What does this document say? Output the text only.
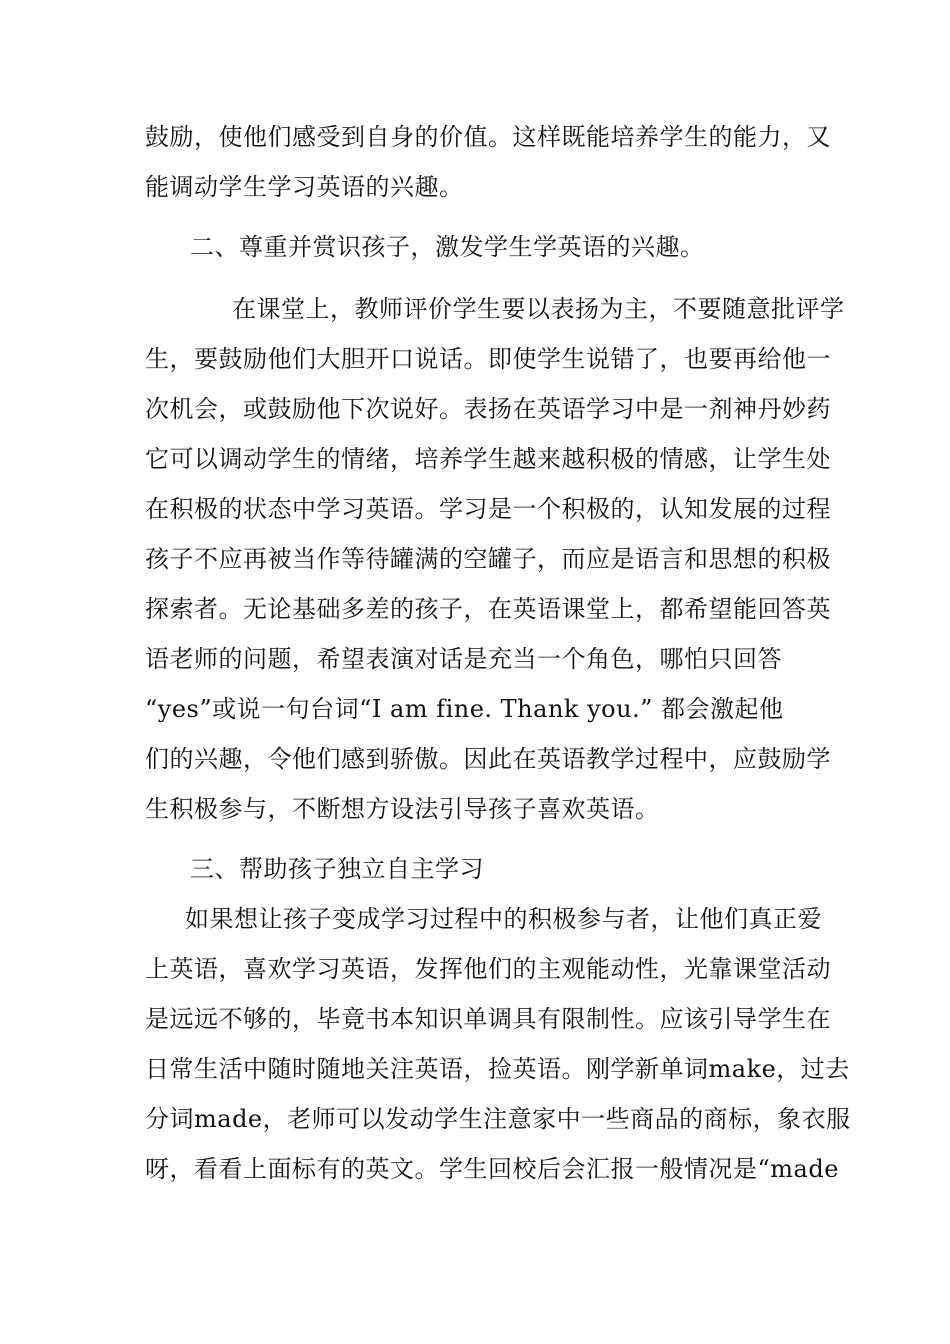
鼓励，使他们感受到自身的价值。这样既能培养学生的能力，又
能调动学生学习英语的兴趣。
二、尊重并赏识孩子，激发学生学英语的兴趣。
在课堂上，教师评价学生要以表扬为主，不要随意批评学
生，要鼓励他们大胆开口说话。即使学生说错了，也要再给他一
次机会，或鼓励他下次说好。表扬在英语学习中是一剂神丹妙药
它可以调动学生的情绪，培养学生越来越积极的情感，让学生处
在积极的状态中学习英语。学习是一个积极的，认知发展的过程
孩子不应再被当作等待罐满的空罐子，而应是语言和思想的积极
探索者。无论基础多差的孩子，在英语课堂上，都希望能回答英
语老师的问题，希望表演对话是充当一个角色，哪怕只回答
“yes”或说一句台词“I am fine. Thank you.” 都会激起他
们的兴趣，令他们感到骄傲。因此在英语教学过程中，应鼓励学
生积极参与，不断想方设法引导孩子喜欢英语。
三、帮助孩子独立自主学习
如果想让孩子变成学习过程中的积极参与者，让他们真正爱
上英语，喜欢学习英语，发挥他们的主观能动性，光靠课堂活动
是远远不够的，毕竟书本知识单调具有限制性。应该引导学生在
日常生活中随时随地关注英语，捡英语。刚学新单词make，过去
分词made，老师可以发动学生注意家中一些商品的商标，象衣服
呀，看看上面标有的英文。学生回校后会汇报一般情况是“made
